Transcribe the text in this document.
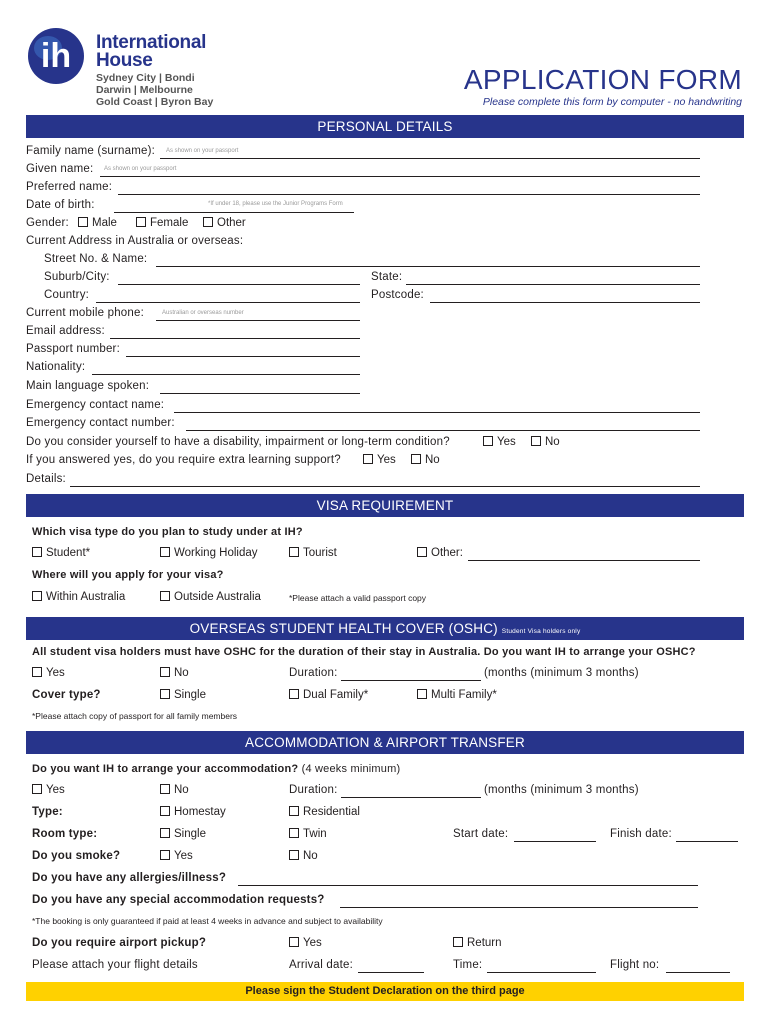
ih International
House
Sydney City | Bondi
Darwin | Melbourne
Gold Coast | Byron Bay
APPLICATION FORM
Please complete this form by computer - no handwriting
PERSONAL DETAILS
Family name (surname): As shown on your passport
Given name: As shown on your passport
Preferred name:
Date of birth:	*If under 18, please use the Junior Programs Form
Gender:	Male	Female	Other
Current Address in Australia or overseas:
Street No. & Name:
Suburb/City:	State:
Country:	Postcode:
Current mobile phone:	Australian or overseas number
Email address:
Passport number:
Nationality:
Main language spoken:
Emergency contact name:
Emergency contact number:
Do you consider yourself to have a disability, impairment or long-term condition?	Yes	No
If you answered yes, do you require extra learning support?	Yes	No
Details:
VISA REQUIREMENT
Which visa type do you plan to study under at IH?
Student*	Working Holiday	Tourist	Other:
Where will you apply for your visa?
Within Australia	Outside Australia	*Please attach a valid passport copy
OVERSEAS STUDENT HEALTH COVER (OSHC) Student Visa holders only
All student visa holders must have OSHC for the duration of their stay in Australia. Do you want IH to arrange your OSHC?
Yes	No	Duration:	(months (minimum 3 months)
Cover type?	Single	Dual Family*	Multi Family*
*Please attach copy of passport for all family members
ACCOMMODATION & AIRPORT TRANSFER
Do you want IH to arrange your accommodation? (4 weeks minimum)
Yes	No	Duration:	(months (minimum 3 months)
Type:	Homestay	Residential
Room type:	Single	Twin	Start date:	Finish date:
Do you smoke?	Yes	No
Do you have any allergies/illness?
Do you have any special accommodation requests?
*The booking is only guaranteed if paid at least 4 weeks in advance and subject to availability
Do you require airport pickup?	Yes	Return
Please attach your flight details	Arrival date:	Time:	Flight no:
Please sign the Student Declaration on the third page
